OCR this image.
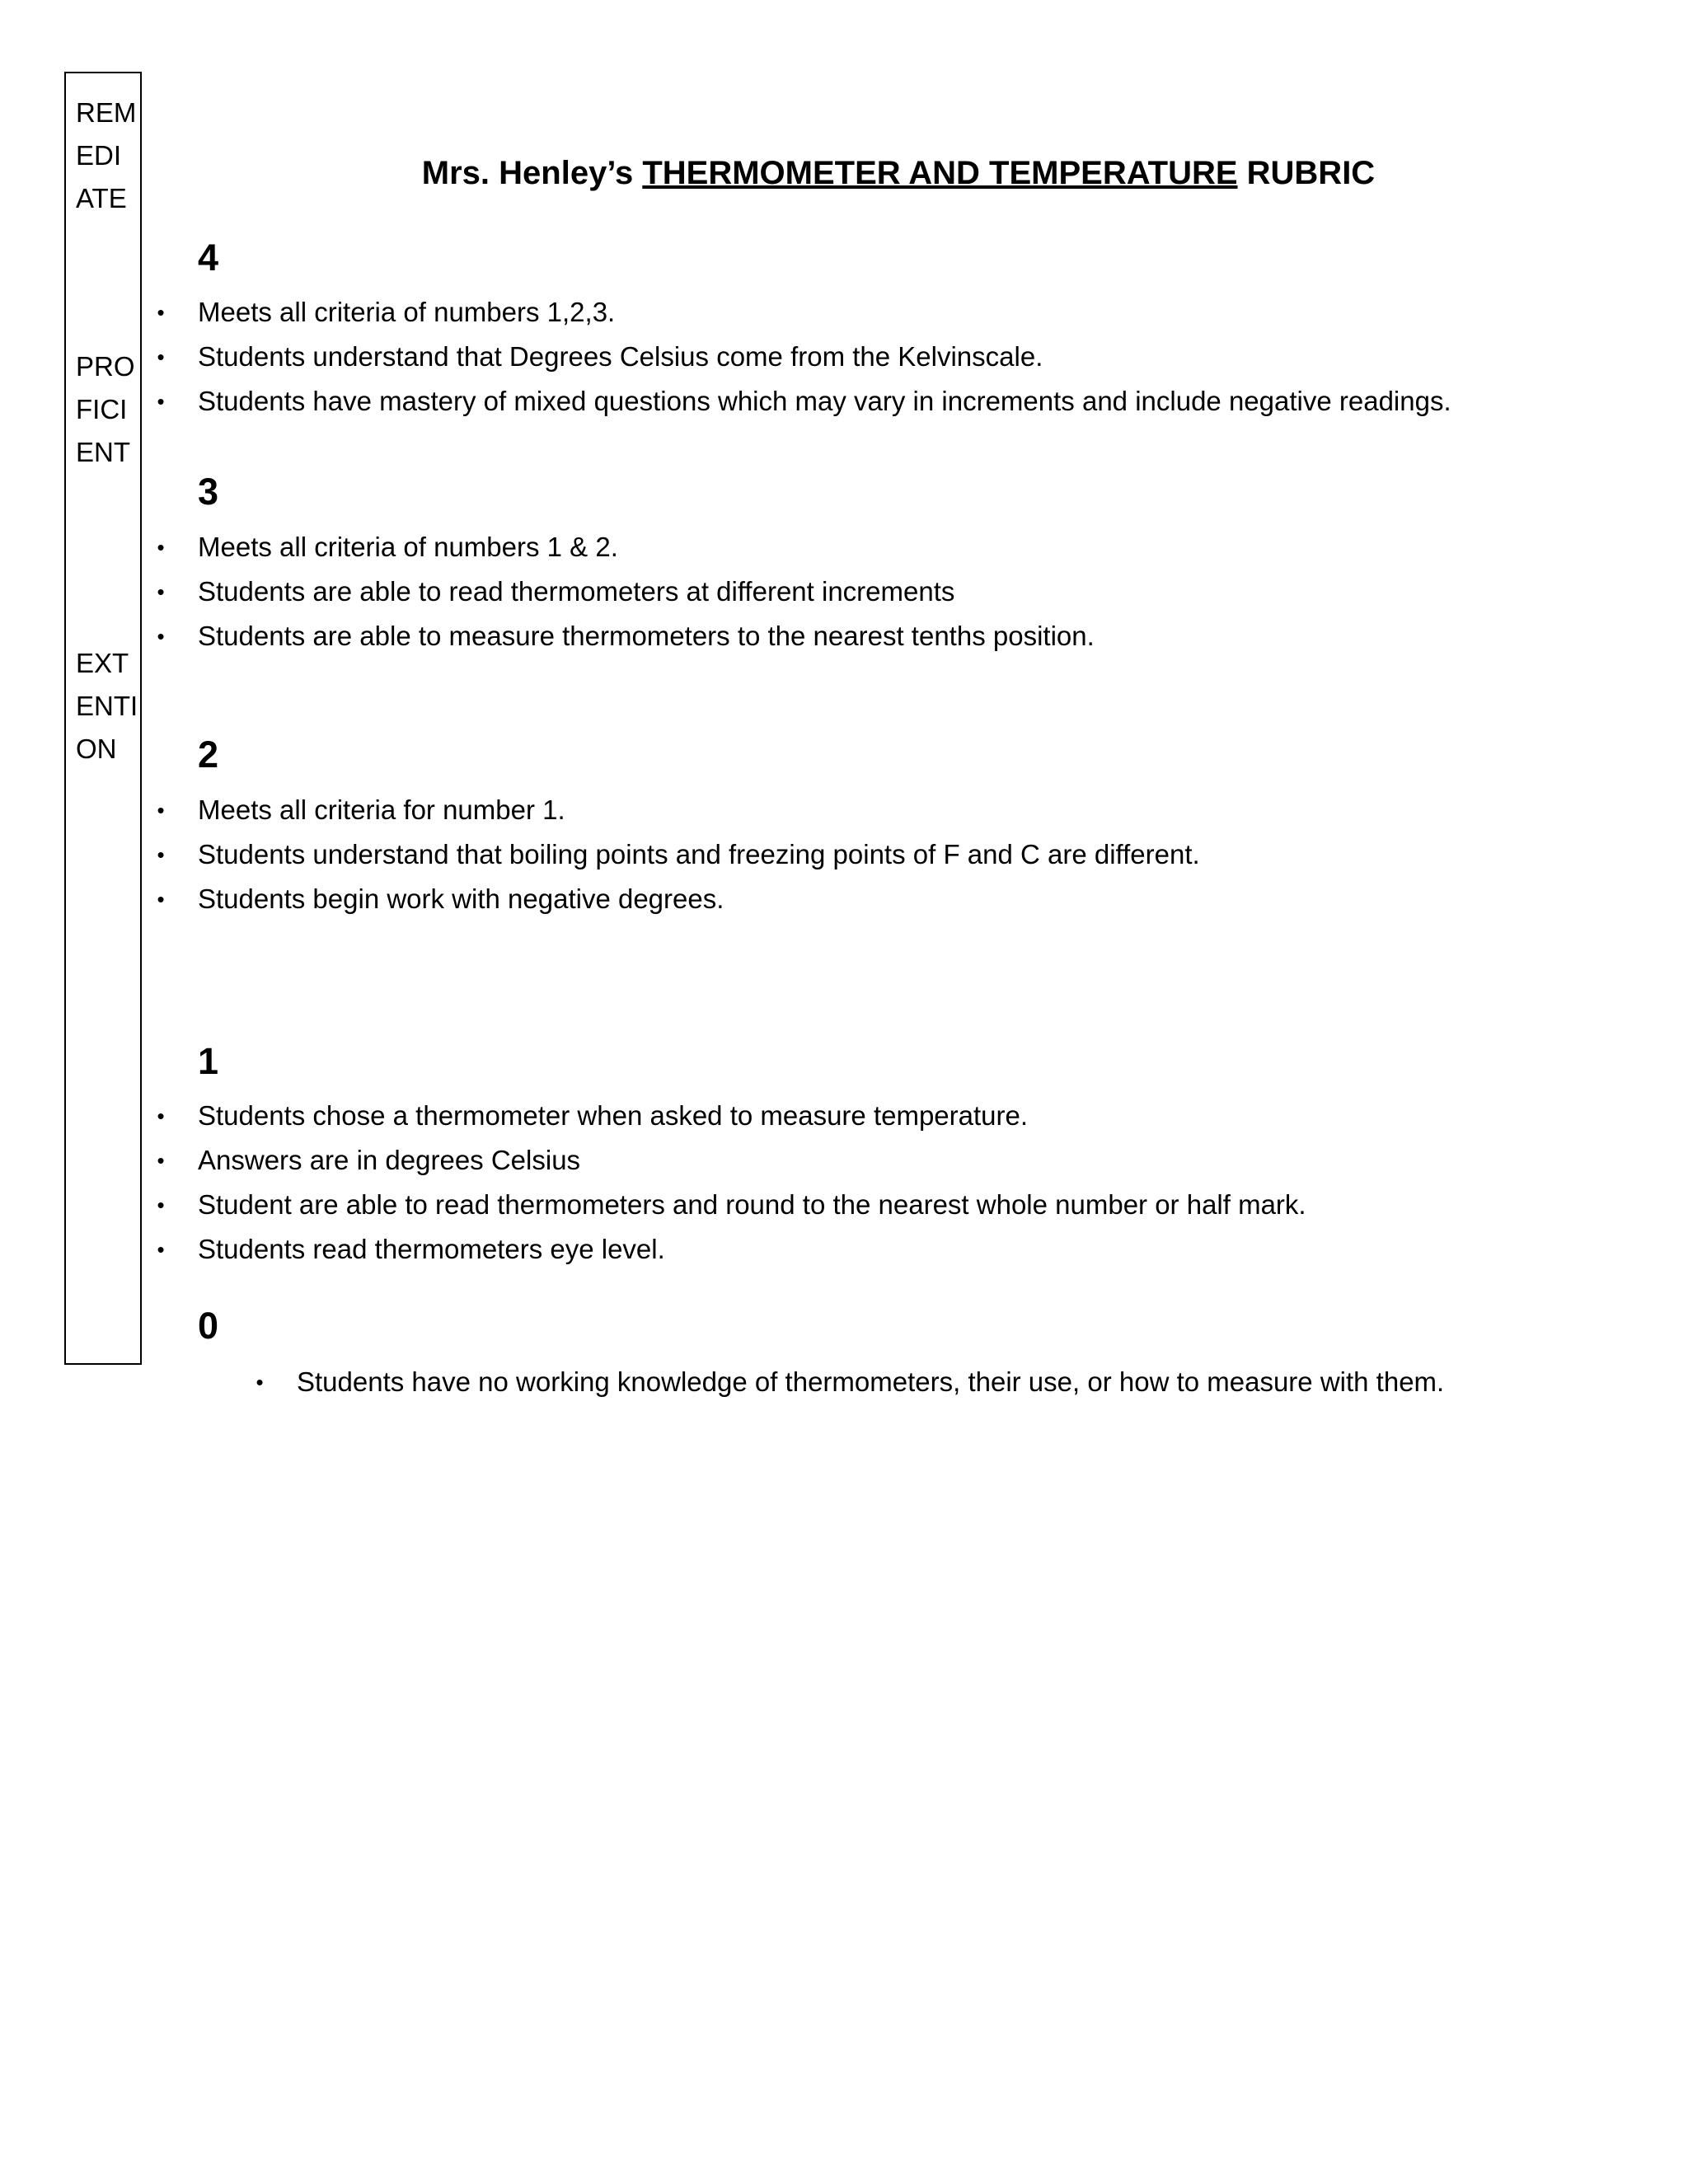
REM
EDI
ATE
PRO
FICI
ENT
EXT
ENTI
ON
Mrs. Henley’s THERMOMETER AND TEMPERATURE RUBRIC
4
•	Meets all criteria of numbers 1,2,3.
•	Students understand that Degrees Celsius come from the Kelvinscale.
•	Students have mastery of mixed questions which may vary in increments and include negative readings.
3
•	Meets all criteria of numbers 1 & 2.
•	Students are able to read thermometers at different increments
•	Students are able to measure thermometers to the nearest tenths position.
2
•	Meets all criteria for number 1.
•	Students understand that boiling points and freezing points of F and C are different.
•	Students begin work with negative degrees.
1
•	Students chose a thermometer when asked to measure temperature.
•	Answers are in degrees Celsius
•	Student are able to read thermometers and round to the nearest whole number or half mark.
•	Students read thermometers eye level.
0
•	Students have no working knowledge of thermometers, their use, or how to measure with them.
